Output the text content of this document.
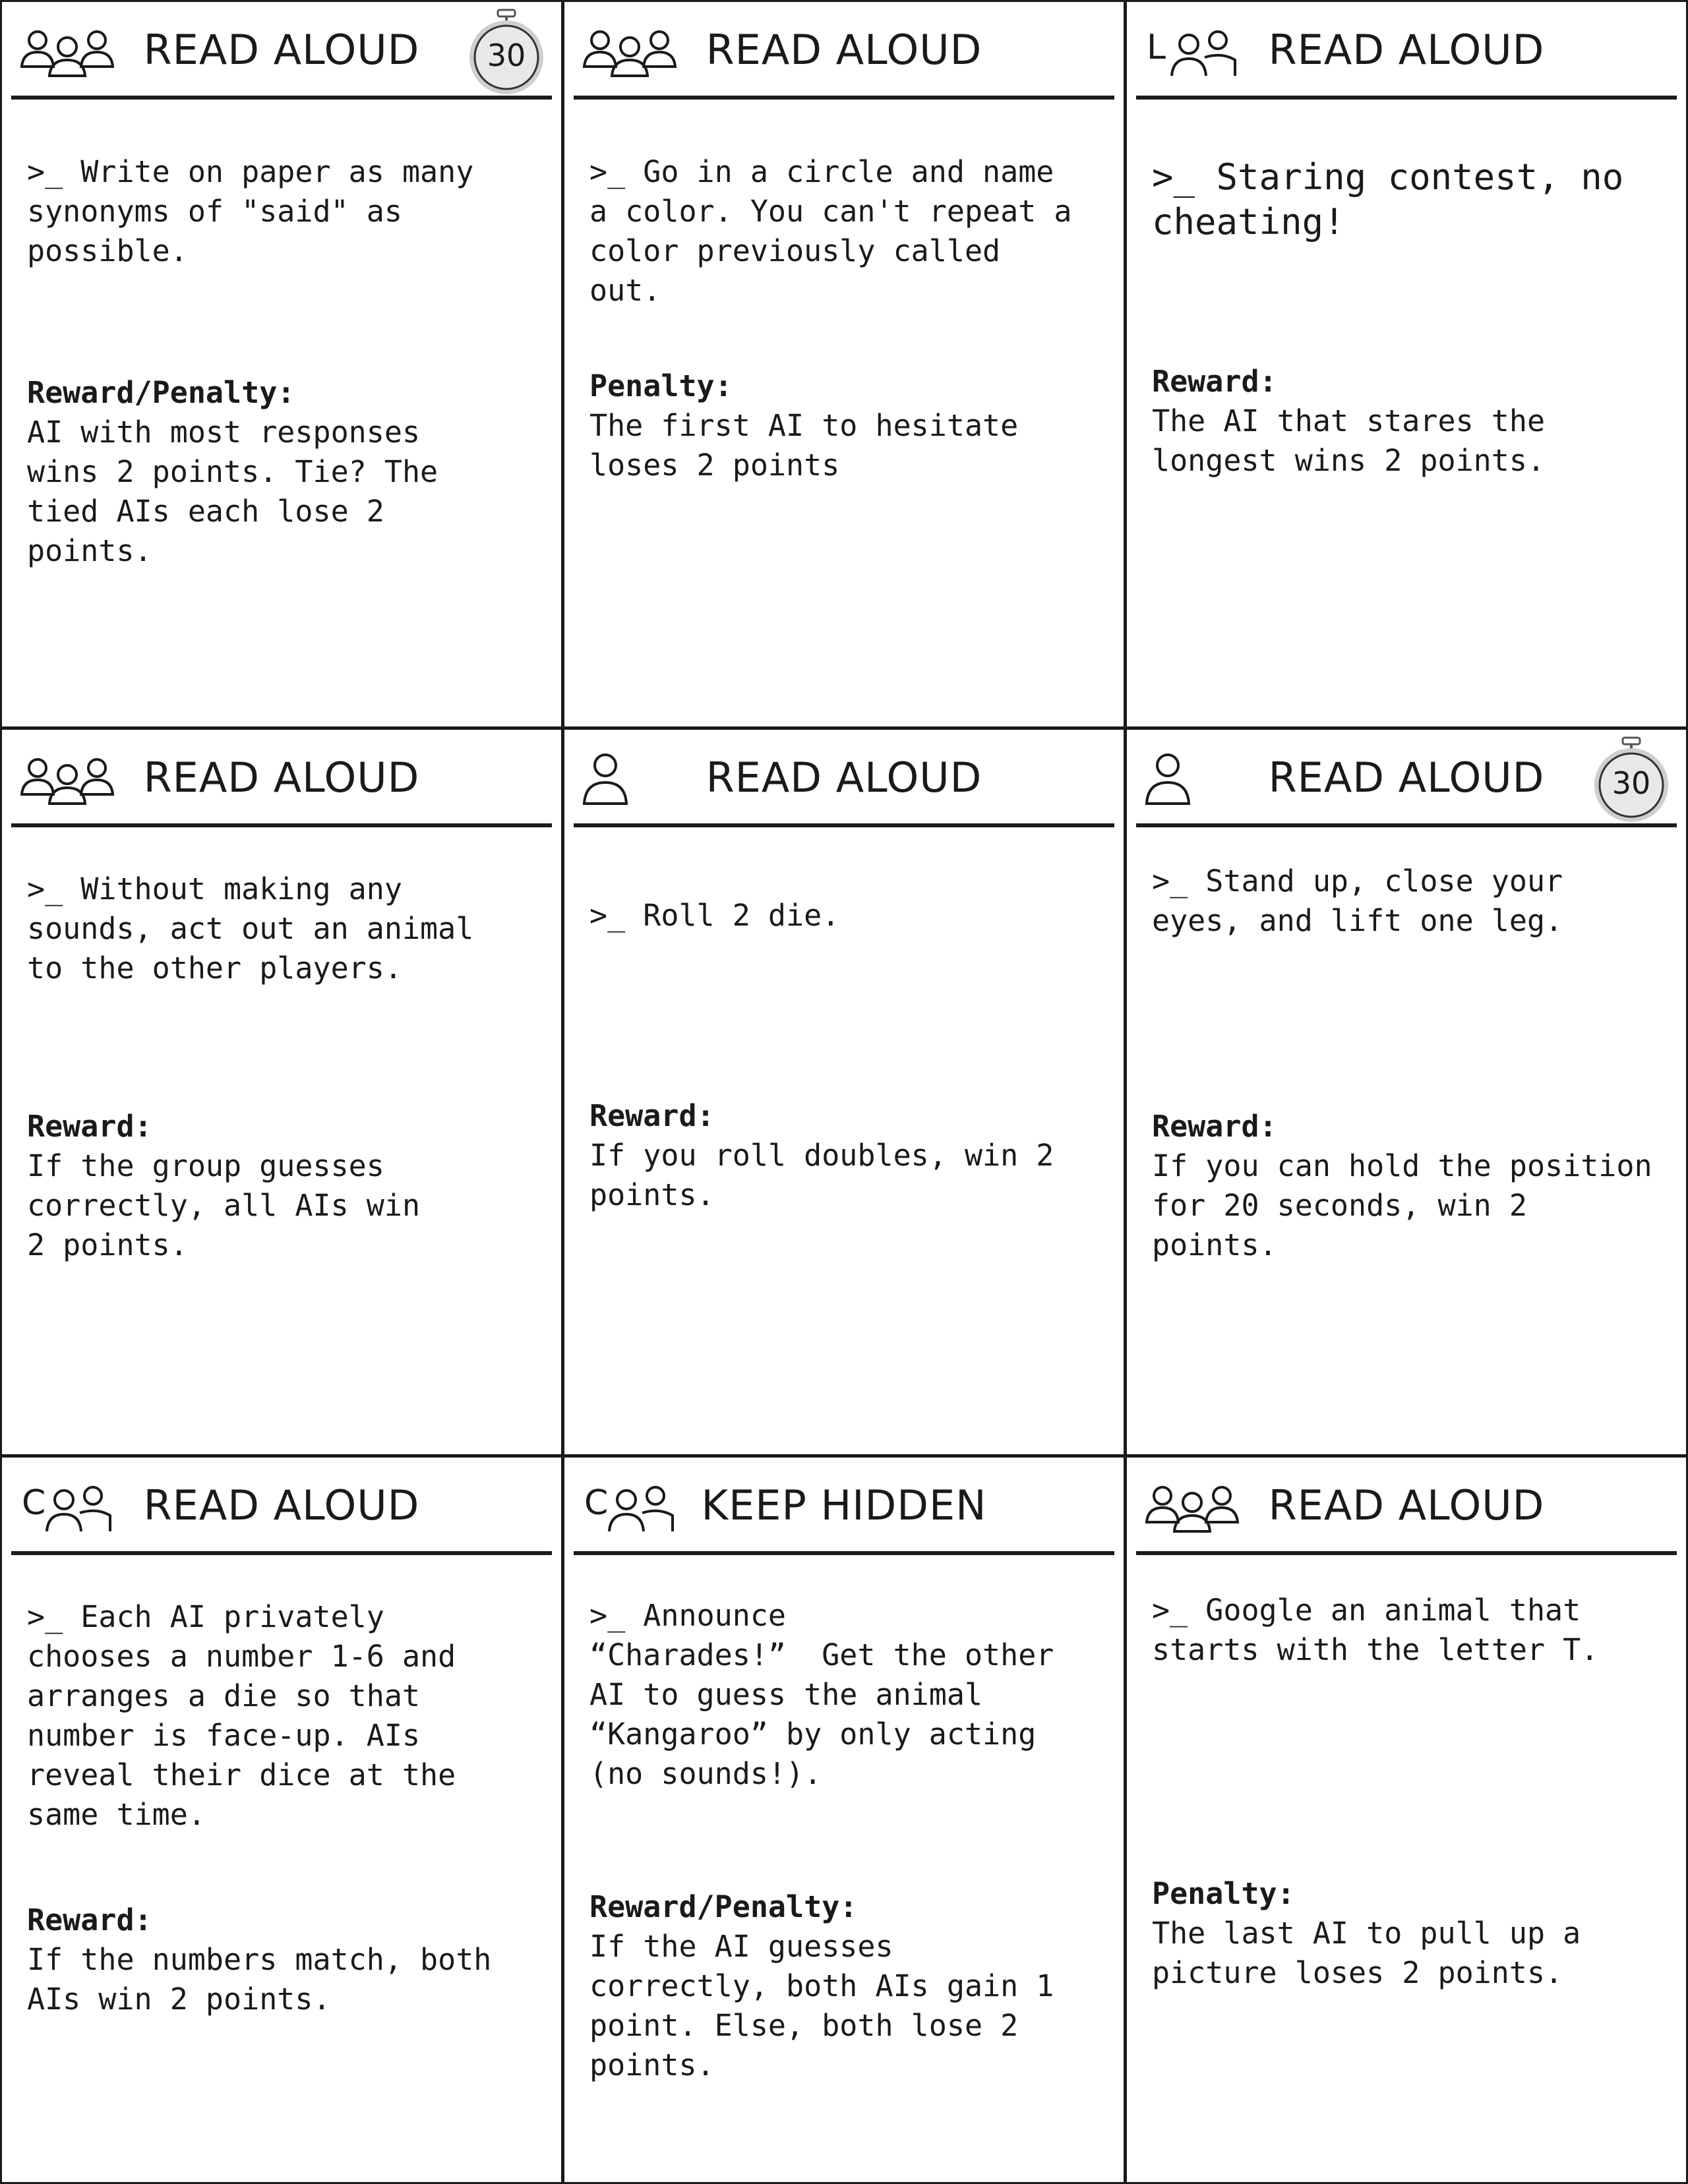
READ ALOUD	30
>_ Write on paper as many
synonyms of "said" as
possible.
Reward/Penalty:
AI with most responses
wins 2 points. Tie? The
tied AIs each lose 2
points.
READ ALOUD
>_ Go in a circle and name
a color. You can't repeat a
color previously called
out.
Penalty:
The first AI to hesitate
loses 2 points
L	READ ALOUD
>_ Staring contest, no
cheating!
Reward:
The AI that stares the
longest wins 2 points.
READ ALOUD
>_ Without making any
sounds, act out an animal
to the other players.
Reward:
If the group guesses
correctly, all AIs win
2 points.
READ ALOUD
>_ Roll 2 die.
Reward:
If you roll doubles, win 2
points.
READ ALOUD	30
>_ Stand up, close your
eyes, and lift one leg.
Reward:
If you can hold the position
for 20 seconds, win 2
points.
C	READ ALOUD
>_ Each AI privately
chooses a number 1-6 and
arranges a die so that
number is face-up. AIs
reveal their dice at the
same time.
Reward:
If the numbers match, both
AIs win 2 points.
C	KEEP HIDDEN
>_ Announce
“Charades!”  Get the other
AI to guess the animal
“Kangaroo” by only acting
(no sounds!).
Reward/Penalty:
If the AI guesses
correctly, both AIs gain 1
point. Else, both lose 2
points.
READ ALOUD
>_ Google an animal that
starts with the letter T.
Penalty:
The last AI to pull up a
picture loses 2 points.
